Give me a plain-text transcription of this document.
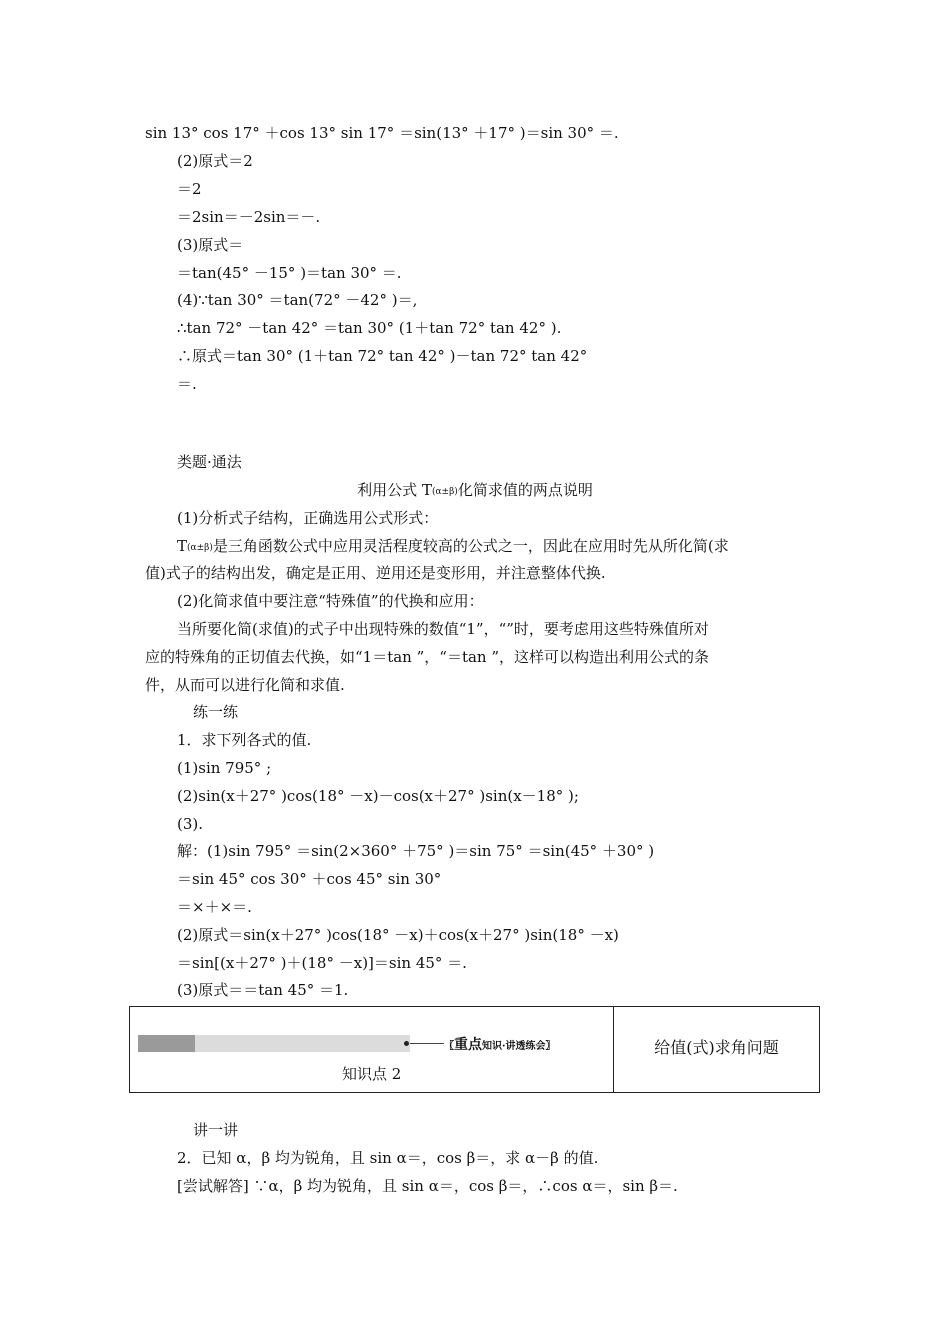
sin 13° cos 17° ＋cos 13° sin 17° ＝sin(13° ＋17° )＝sin 30° ＝.
(2)原式＝2
＝2
＝2sin＝－2sin＝－.
(3)原式＝
＝tan(45° －15° )＝tan 30° ＝.
(4)∵tan 30° ＝tan(72° －42° )＝,
∴tan 72° －tan 42° ＝tan 30° (1＋tan 72° tan 42° ).
∴原式＝tan 30° (1＋tan 72° tan 42° )－tan 72° tan 42°
＝.
类题·通法
利用公式 T(α±β)化简求值的两点说明
(1)分析式子结构，正确选用公式形式：
T(α±β)是三角函数公式中应用灵活程度较高的公式之一，因此在应用时先从所化简(求
值)式子的结构出发，确定是正用、逆用还是变形用，并注意整体代换.
(2)化简求值中要注意“特殊值”的代换和应用：
当所要化简(求值)的式子中出现特殊的数值“1”，“”时，要考虑用这些特殊值所对
应的特殊角的正切值去代换，如“1＝tan ”，“＝tan ”，这样可以构造出利用公式的条
件，从而可以进行化简和求值.
练一练
1．求下列各式的值.
(1)sin 795° ;
(2)sin(x＋27° )cos(18° －x)－cos(x＋27° )sin(x－18° );
(3).
解：(1)sin 795° ＝sin(2×360° ＋75° )＝sin 75° ＝sin(45° ＋30° )
＝sin 45° cos 30° ＋cos 45° sin 30°
＝×＋×＝.
(2)原式＝sin(x＋27° )cos(18° －x)＋cos(x＋27° )sin(18° －x)
＝sin[(x＋27° )＋(18° －x)]＝sin 45° ＝.
(3)原式＝＝tan 45° ＝1.
〖重点知识·讲透练会〗
知识点 2
给值(式)求角问题
讲一讲
2．已知 α，β 均为锐角，且 sin α＝，cos β＝，求 α－β 的值.
[尝试解答] ∵α，β 均为锐角，且 sin α＝，cos β＝，∴cos α＝，sin β＝.
